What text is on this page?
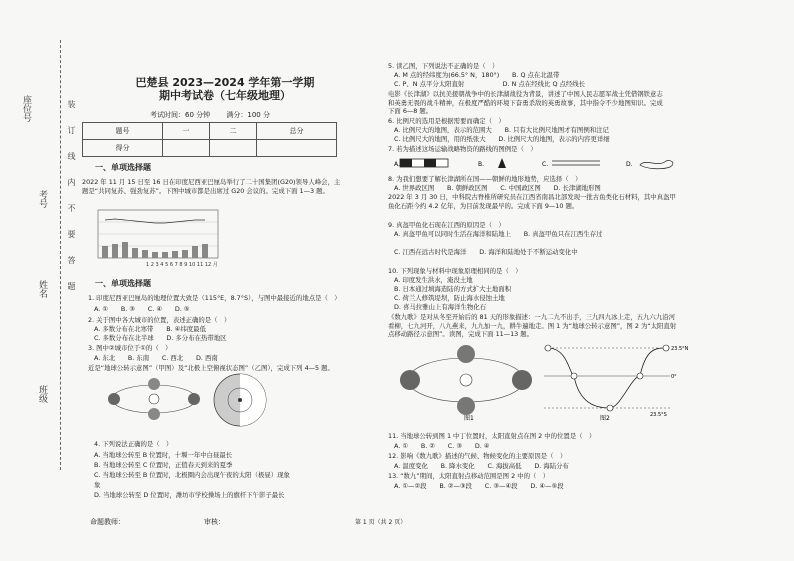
座位号
考号
姓名
班级
装订线内不要答题
巴楚县 2023—2024 学年第一学期
期中考试卷（七年级地理）
考试时间：60 分钟 满分：100 分
题号	一	二	总分
得分			
一、单项选择题
2022 年 11 月 15 日至 16 日在印度尼西亚巴厘岛举行了二十国集团(G20)领导人峰会，主题是“共同复苏、强劲复苏”。下图中城市都是出席过 G20 会议的。完成下面 1—3 题。
1 2 3 4 5 6 7 8 9 10 11 12 月
一、单项选择题
1. 印度尼西亚巴厘岛的地理位置大致是（115°E，8.7°S），与图中最接近的地点是（　）
A. ①　　B. ③　　C. ④　　D. ⑤
2. 关于图中各大城市的位置，表述正确的是（　）
A. 多数分布在北寒带　　B. ④纬度最低
C. 多数分布在北半球　　D. 多分布在热带地区
3. 图中②城市位于①的（　）
A. 东北　　B. 东南　　C. 西北　　D. 西南
近是“地球公转示意图”（甲图）及“北极上空俯视状态图”（乙图），完成下列 4—5 题。
4. 下列说法正确的是（　）
A. 当地球公转至 B 位置时，十堰一年中白昼最长
B. 当地球公转至 C 位置时，正值春天到来的夏季
C. 当地球公转至 B 位置时，北极圈内会出现午夜的太阳（极昼）现象
象
D. 当地球公转至 D 位置时，潍坊市学校操场上的旗杆下午影子最长
命题教师：	审核：	第 1 页（共 2 页）
5. 读乙图，下列说法不正确的是（　）
A. M 点的经纬度为(66.5° N，180°)　　B. Q 点在北温带
C. P、N 点平分太阳直射　　　　　　D. N 点在经线比 Q 点经线长
电影《长津湖》以抗美援朝战争中的长津湖战役为背景，讲述了中国人民志愿军战士凭借钢铁意志和英勇无畏的战斗精神，在极度严酷的环境下奋勇杀敌的英勇故事，其中指令不少地图知识。完成下面 6—8 题。
6. 比例尺的选用是根据需要而确定（　）
A. 比例尺大的地图，表示的范围大　　B. 只有大比例尺地图才有图例和注记
C. 比例尺大的地图，用的纸张大　　D. 比例尺大的地图，表示的内容更详细
7. 若为描述这场运输战略物资的路线的图例是（　）
A.	B.	C.	D.
8. 为我们想要了解长津湖所在国——朝鲜的地形地势，应选择（　）
A. 世界政区图　　B. 朝鲜政区图　　C. 中国政区图　　D. 长津湖地形图
2022 年 3 月 30 日，中科院古脊椎所研究员在江西省南昌北部发现一批古鱼类化石材料，其中真盔甲鱼化石距今约 4.2 亿年，为目前发现最早的。完成下面 9—10 题。
9. 真盔甲鱼化石现在江西的原因是（　）
A. 真盔甲鱼可以同时生活在海洋和陆地上　　B. 真盔甲鱼只在江西生存过
C. 江西在远古时代是海洋　　D. 海洋和陆地处于不断运动变化中
10. 下列现象与材料中现象原理相同的是（　）
A. 印度发生洪水，淹没土地
B. 日本通过填海造陆的方式扩大土地面积
C. 荷兰人修筑堤坝，防止海水侵蚀土地
D. 喜马拉雅山上有海洋生物化石
《数九歌》是对从冬至开始后的 81 天的形象描述：一九二九不出手，三九四九冰上走，五九六九沿河看柳，七九河开，八九燕来，九九加一九，耕牛遍地走。图 1 为“地球公转示意图”，图 2 为“太阳直射点移动路径示意图”。读图，完成下面 11—13 题。
图1
23.5°N
0°
23.5°S
图2
11. 当地球公转到图 1 中丁位置时，太阳直射点在图 2 中的位置是（　）
A. ①　　B. ②　　C. ③　　D. ④
12. 影响《数九歌》描述的气候、物候变化的主要原因是（　）
A. 温度变化　　B. 降水变化　　C. 海拔高低　　D. 海陆分布
13. “数九”期间，太阳直射点移动范围是图 2 中的（　）
A. ①—②段　　B. ②—③段　　C. ③—④段　　D. ④—⑤段
